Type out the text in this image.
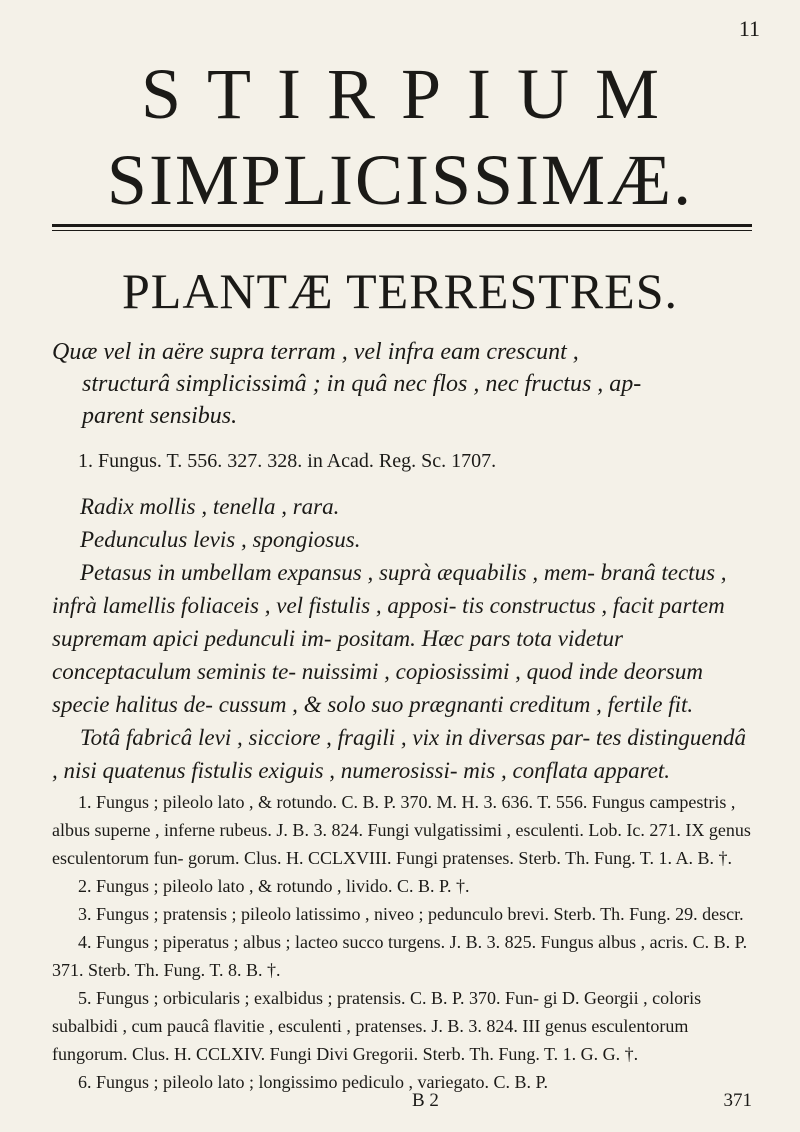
11
STIRPIUM
SIMPLICISSIMÆ.
PLANTÆ TERRESTRES.
Quæ vel in aëre supra terram , vel infra eam crescunt ,
structurâ simplicissimâ ; in quâ nec flos , nec fructus , ap-
parent sensibus.
1. Fungus. T. 556. 327. 328. in Acad. Reg. Sc. 1707.

Radix mollis , tenella , rara.

Pedunculus levis , spongiosus.

Petasus in umbellam expansus , suprà æquabilis , mem- branâ tectus , infrà lamellis foliaceis , vel fistulis , apposi- tis constructus , facit partem supremam apici pedunculi im- positam. Hæc pars tota videtur conceptaculum seminis te- nuissimi , copiosissimi , quod inde deorsum specie halitus de- cussum , & solo suo prægnanti creditum , fertile fit.

Totâ fabricâ levi , sicciore , fragili , vix in diversas par- tes distinguendâ , nisi quatenus fistulis exiguis , numerosissi- mis , conflata apparet.

1. Fungus ; pileolo lato , & rotundo. C. B. P. 370. M. H. 3. 636. T. 556. Fungus campestris , albus superne , inferne rubeus. J. B. 3. 824. Fungi vulgatissimi , esculenti. Lob. Ic. 271. IX genus esculentorum fun- gorum. Clus. H. CCLXVIII. Fungi pratenses. Sterb. Th. Fung. T. 1. A. B. †.

2. Fungus ; pileolo lato , & rotundo , livido. C. B. P. †.

3. Fungus ; pratensis ; pileolo latissimo , niveo ; pedunculo brevi. Sterb. Th. Fung. 29. descr.

4. Fungus ; piperatus ; albus ; lacteo succo turgens. J. B. 3. 825. Fungus albus , acris. C. B. P. 371. Sterb. Th. Fung. T. 8. B. †.

5. Fungus ; orbicularis ; exalbidus ; pratensis. C. B. P. 370. Fun- gi D. Georgii , coloris subalbidi , cum paucâ flavitie , esculenti , pratenses. J. B. 3. 824. III genus esculentorum fungorum. Clus. H. CCLXIV. Fungi Divi Gregorii. Sterb. Th. Fung. T. 1. G. G. †.

6. Fungus ; pileolo lato ; longissimo pediculo , variegato. C. B. P.

B 2	371
